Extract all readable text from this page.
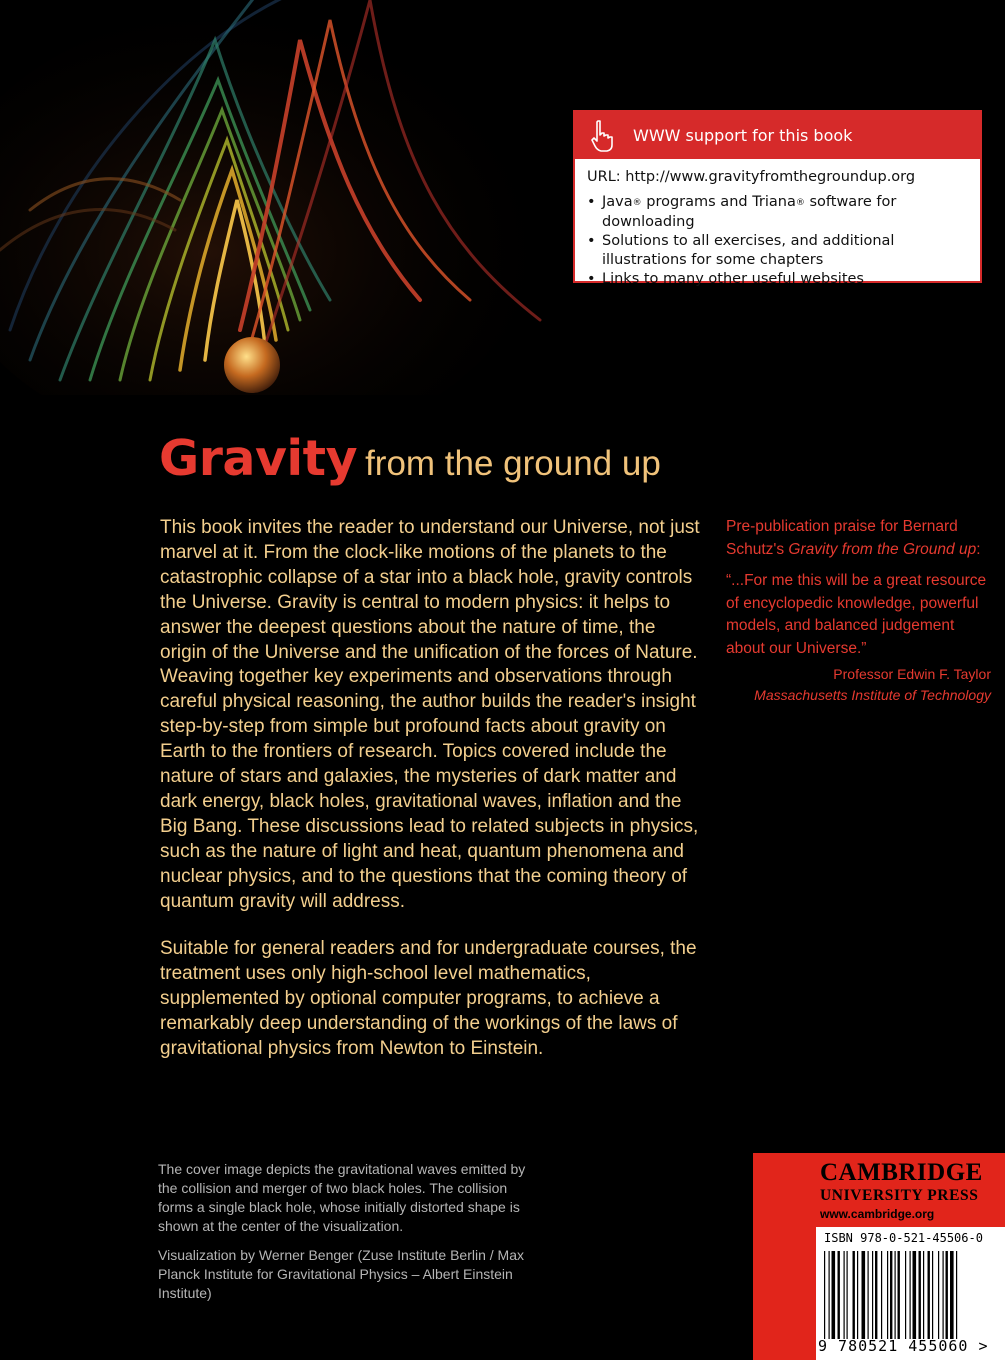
WWW support for this book
URL: http://www.gravityfromthegroundup.org
• Java® programs and Triana® software for downloading
• Solutions to all exercises, and additional illustrations for some chapters
• Links to many other useful websites
Gravity from the ground up

This book invites the reader to understand our Universe, not just marvel at it. From the clock-like motions of the planets to the catastrophic collapse of a star into a black hole, gravity controls the Universe. Gravity is central to modern physics: it helps to answer the deepest questions about the nature of time, the origin of the Universe and the unification of the forces of Nature. Weaving together key experiments and observations through careful physical reasoning, the author builds the reader's insight step-by-step from simple but profound facts about gravity on Earth to the frontiers of research. Topics covered include the nature of stars and galaxies, the mysteries of dark matter and dark energy, black holes, gravitational waves, inflation and the Big Bang. These discussions lead to related subjects in physics, such as the nature of light and heat, quantum phenomena and nuclear physics, and to the questions that the coming theory of quantum gravity will address.

Suitable for general readers and for undergraduate courses, the treatment uses only high-school level mathematics, supplemented by optional computer programs, to achieve a remarkably deep understanding of the workings of the laws of gravitational physics from Newton to Einstein.

Pre-publication praise for Bernard Schutz's Gravity from the Ground up:

“...For me this will be a great resource of encyclopedic knowledge, powerful models, and balanced judgement about our Universe.”

Professor Edwin F. Taylor

Massachusetts Institute of Technology

The cover image depicts the gravitational waves emitted by the collision and merger of two black holes. The collision forms a single black hole, whose initially distorted shape is shown at the center of the visualization.

Visualization by Werner Benger (Zuse Institute Berlin / Max Planck Institute for Gravitational Physics – Albert Einstein Institute)

CAMBRIDGE
UNIVERSITY PRESS
www.cambridge.org
ISBN 978-0-521-45506-0
9 780521 455060 >
